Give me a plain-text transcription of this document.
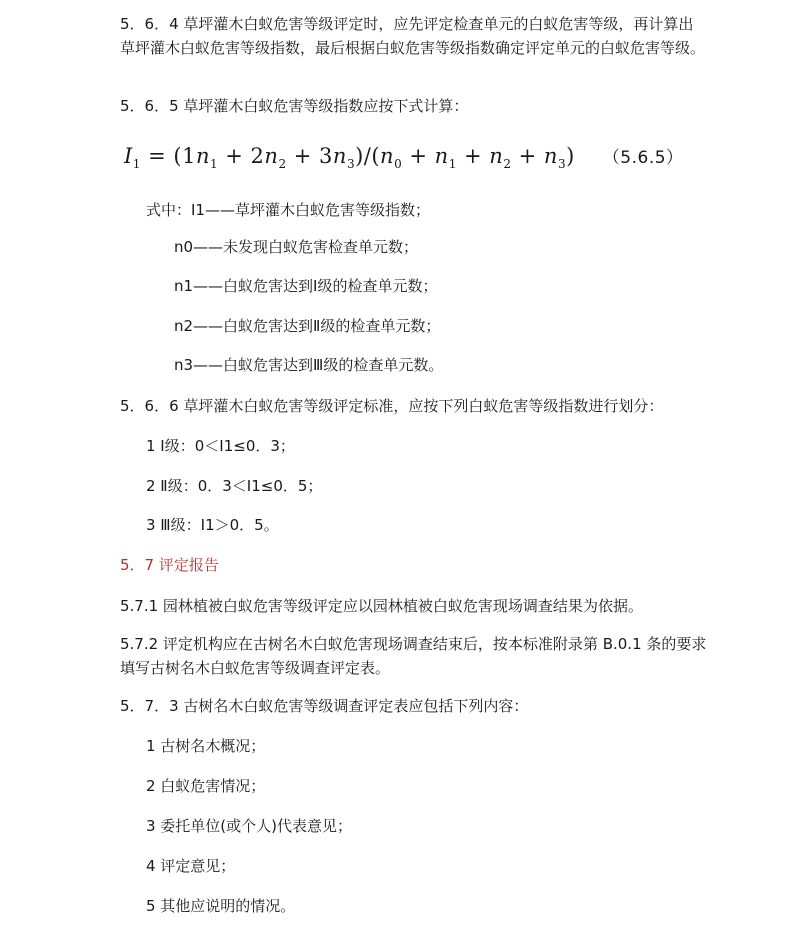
5．6．4 草坪灌木白蚁危害等级评定时，应先评定检查单元的白蚁危害等级，再计算出草坪灌木白蚁危害等级指数，最后根据白蚁危害等级指数确定评定单元的白蚁危害等级。
5．6．5 草坪灌木白蚁危害等级指数应按下式计算：
$I_1 = (1n_1 + 2n_2 + 3n_3)/(n_0 + n_1 + n_2 + n_3)$ （5.6.5）
式中：I1——草坪灌木白蚁危害等级指数；
n0——未发现白蚁危害检查单元数；
n1——白蚁危害达到Ⅰ级的检查单元数；
n2——白蚁危害达到Ⅱ级的检查单元数；
n3——白蚁危害达到Ⅲ级的检查单元数。
5．6．6 草坪灌木白蚁危害等级评定标准，应按下列白蚁危害等级指数进行划分：
1 Ⅰ级：0＜I1≤0．3；
2 Ⅱ级：0．3＜I1≤0．5；
3 Ⅲ级：I1＞0．5。
5．7 评定报告
5.7.1 园林植被白蚁危害等级评定应以园林植被白蚁危害现场调查结果为依据。
5.7.2 评定机构应在古树名木白蚁危害现场调查结束后，按本标准附录第 B.0.1 条的要求填写古树名木白蚁危害等级调查评定表。
5．7．3 古树名木白蚁危害等级调查评定表应包括下列内容：
1 古树名木概况；
2 白蚁危害情况；
3 委托单位(或个人)代表意见；
4 评定意见；
5 其他应说明的情况。
